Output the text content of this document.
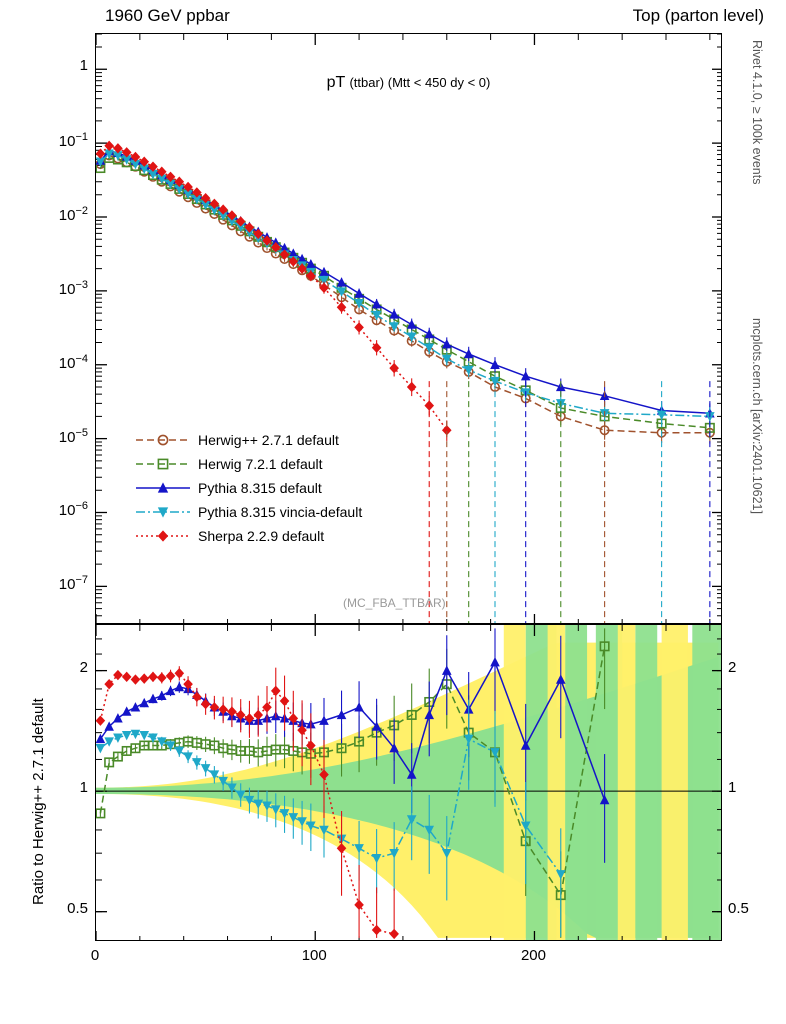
1960 GeV ppbar	Top (parton level)
Rivet 4.1.0, ≥ 100k events
mcplots.cern.ch [arXiv:2401.10621]
pT (ttbar) (Mtt < 450 dy < 0)
(MC_FBA_TTBAR)
Herwig++ 2.7.1 default
Herwig 7.2.1 default
Pythia 8.315 default
Pythia 8.315 vincia-default
Sherpa 2.2.9 default
1
$10^{-1}$
$10^{-2}$
$10^{-3}$
$10^{-4}$
$10^{-5}$
$10^{-6}$
$10^{-7}$
2
1
0.5
2
1
0.5
0	100	200
Ratio to Herwig++ 2.7.1 default
